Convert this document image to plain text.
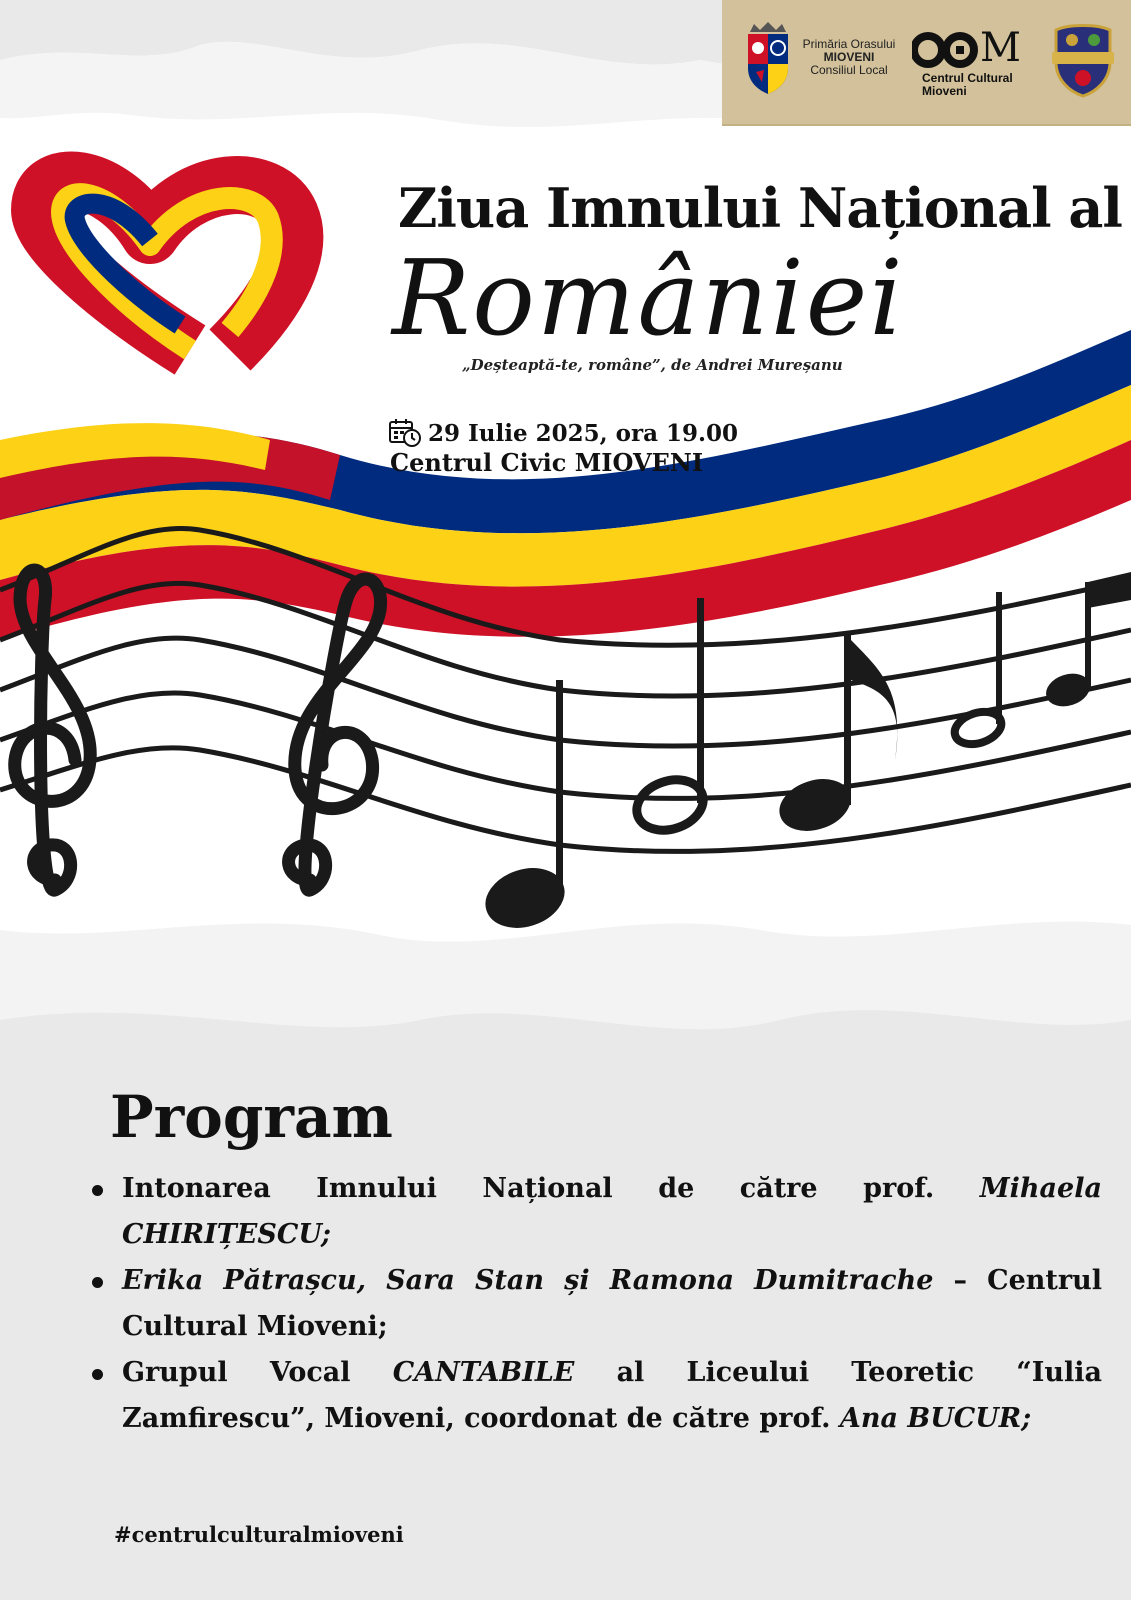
Primăria Orasului
MIOVENI
Consiliul Local	M
Centrul Cultural
Mioveni
Ziua Imnului Național al
României
„Deșteaptă-te, române”, de Andrei Mureșanu
29 Iulie 2025, ora 19.00
Centrul Civic MIOVENI
Program
Intonarea Imnului Național de către prof. Mihaela CHIRIȚESCU;
Erika Pătrașcu, Sara Stan și Ramona Dumitrache – Centrul Cultural Mioveni;
Grupul Vocal CANTABILE al Liceului Teoretic “Iulia Zamfirescu”, Mioveni, coordonat de către prof. Ana BUCUR;
#centrulculturalmioveni
